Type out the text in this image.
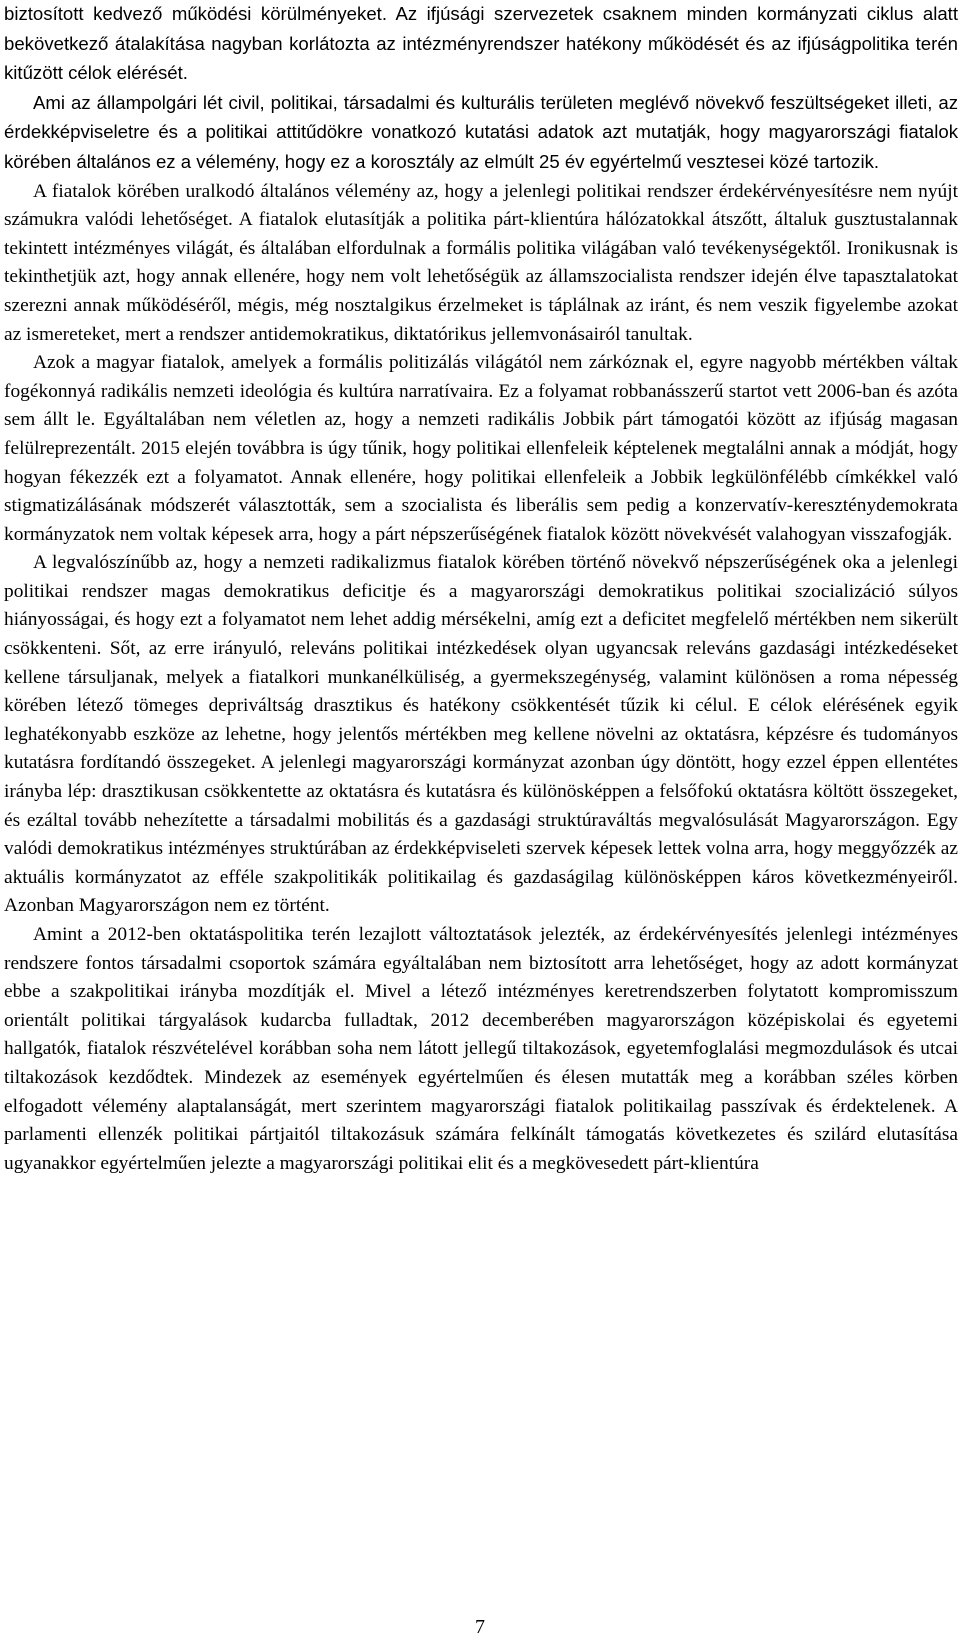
biztosított kedvező működési körülményeket. Az ifjúsági szervezetek csaknem minden kormányzati ciklus alatt bekövetkező átalakítása nagyban korlátozta az intézményrendszer hatékony működését és az ifjúságpolitika terén kitűzött célok elérését.

Ami az állampolgári lét civil, politikai, társadalmi és kulturális területen meglévő növekvő feszültségeket illeti, az érdekképviseletre és a politikai attitűdökre vonatkozó kutatási adatok azt mutatják, hogy magyarországi fiatalok körében általános ez a vélemény, hogy ez a korosztály az elmúlt 25 év egyértelmű vesztesei közé tartozik.

A fiatalok körében uralkodó általános vélemény az, hogy a jelenlegi politikai rendszer érdekérvényesítésre nem nyújt számukra valódi lehetőséget. A fiatalok elutasítják a politika párt-klientúra hálózatokkal átszőtt, általuk gusztustalannak tekintett intézményes világát, és általában elfordulnak a formális politika világában való tevékenységektől. Ironikusnak is tekinthetjük azt, hogy annak ellenére, hogy nem volt lehetőségük az államszocialista rendszer idején élve tapasztalatokat szerezni annak működéséről, mégis, még nosztalgikus érzelmeket is táplálnak az iránt, és nem veszik figyelembe azokat az ismereteket, mert a rendszer antidemokratikus, diktatórikus jellemvonásairól tanultak.

Azok a magyar fiatalok, amelyek a formális politizálás világától nem zárkóznak el, egyre nagyobb mértékben váltak fogékonnyá radikális nemzeti ideológia és kultúra narratívaira. Ez a folyamat robbanásszerű startot vett 2006-ban és azóta sem állt le. Egyáltalában nem véletlen az, hogy a nemzeti radikális Jobbik párt támogatói között az ifjúság magasan felülreprezentált. 2015 elején továbbra is úgy tűnik, hogy politikai ellenfeleik képtelenek megtalálni annak a módját, hogy hogyan fékezzék ezt a folyamatot. Annak ellenére, hogy politikai ellenfeleik a Jobbik legkülönfélébb címkékkel való stigmatizálásának módszerét választották, sem a szocialista és liberális sem pedig a konzervatív-kereszténydemokrata kormányzatok nem voltak képesek arra, hogy a párt népszerűségének fiatalok között növekvését valahogyan visszafogják.

A legvalószínűbb az, hogy a nemzeti radikalizmus fiatalok körében történő növekvő népszerűségének oka a jelenlegi politikai rendszer magas demokratikus deficitje és a magyarországi demokratikus politikai szocializáció súlyos hiányosságai, és hogy ezt a folyamatot nem lehet addig mérsékelni, amíg ezt a deficitet megfelelő mértékben nem sikerült csökkenteni. Sőt, az erre irányuló, releváns politikai intézkedések olyan ugyancsak releváns gazdasági intézkedéseket kellene társuljanak, melyek a fiatalkori munkanélküliség, a gyermekszegénység, valamint különösen a roma népesség körében létező tömeges depriváltság drasztikus és hatékony csökkentését tűzik ki célul. E célok elérésének egyik leghatékonyabb eszköze az lehetne, hogy jelentős mértékben meg kellene növelni az oktatásra, képzésre és tudományos kutatásra fordítandó összegeket. A jelenlegi magyarországi kormányzat azonban úgy döntött, hogy ezzel éppen ellentétes irányba lép: drasztikusan csökkentette az oktatásra és kutatásra és különösképpen a felsőfokú oktatásra költött összegeket, és ezáltal tovább nehezítette a társadalmi mobilitás és a gazdasági struktúraváltás megvalósulását Magyarországon. Egy valódi demokratikus intézményes struktúrában az érdekképviseleti szervek képesek lettek volna arra, hogy meggyőzzék az aktuális kormányzatot az efféle szakpolitikák politikailag és gazdaságilag különösképpen káros következményeiről. Azonban Magyarországon nem ez történt.

Amint a 2012-ben oktatáspolitika terén lezajlott változtatások jelezték, az érdekérvényesítés jelenlegi intézményes rendszere fontos társadalmi csoportok számára egyáltalában nem biztosított arra lehetőséget, hogy az adott kormányzat ebbe a szakpolitikai irányba mozdítják el. Mivel a létező intézményes keretrendszerben folytatott kompromisszum orientált politikai tárgyalások kudarcba fulladtak, 2012 decemberében magyarországon középiskolai és egyetemi hallgatók, fiatalok részvételével korábban soha nem látott jellegű tiltakozások, egyetemfoglalási megmozdulások és utcai tiltakozások kezdődtek. Mindezek az események egyértelműen és élesen mutatták meg a korábban széles körben elfogadott vélemény alaptalanságát, mert szerintem magyarországi fiatalok politikailag passzívak és érdektelenek. A parlamenti ellenzék politikai pártjaitól tiltakozásuk számára felkínált támogatás következetes és szilárd elutasítása ugyanakkor egyértelműen jelezte a magyarországi politikai elit és a megkövesedett párt-klientúra

7
